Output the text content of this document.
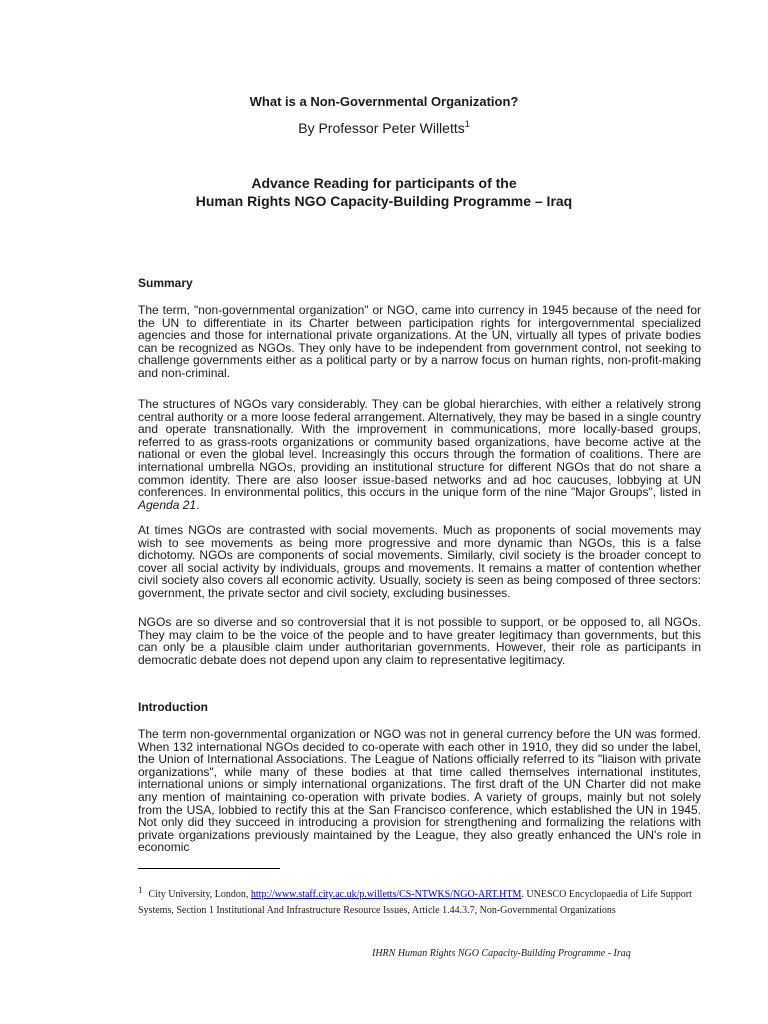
What is a Non-Governmental Organization?
By Professor Peter Willetts$^1$
Advance Reading for participants of the
Human Rights NGO Capacity-Building Programme – Iraq
Summary

The term, "non-governmental organization" or NGO, came into currency in 1945 because of the need for the UN to differentiate in its Charter between participation rights for intergovernmental specialized agencies and those for international private organizations. At the UN, virtually all types of private bodies can be recognized as NGOs. They only have to be independent from government control, not seeking to challenge governments either as a political party or by a narrow focus on human rights, non-profit-making and non-criminal.

The structures of NGOs vary considerably. They can be global hierarchies, with either a relatively strong central authority or a more loose federal arrangement. Alternatively, they may be based in a single country and operate transnationally. With the improvement in communications, more locally-based groups, referred to as grass-roots organizations or community based organizations, have become active at the national or even the global level. Increasingly this occurs through the formation of coalitions. There are international umbrella NGOs, providing an institutional structure for different NGOs that do not share a common identity. There are also looser issue-based networks and ad hoc caucuses, lobbying at UN conferences. In environmental politics, this occurs in the unique form of the nine "Major Groups", listed in Agenda 21.

At times NGOs are contrasted with social movements. Much as proponents of social movements may wish to see movements as being more progressive and more dynamic than NGOs, this is a false dichotomy. NGOs are components of social movements. Similarly, civil society is the broader concept to cover all social activity by individuals, groups and movements. It remains a matter of contention whether civil society also covers all economic activity. Usually, society is seen as being composed of three sectors: government, the private sector and civil society, excluding businesses.

NGOs are so diverse and so controversial that it is not possible to support, or be opposed to, all NGOs. They may claim to be the voice of the people and to have greater legitimacy than governments, but this can only be a plausible claim under authoritarian governments. However, their role as participants in democratic debate does not depend upon any claim to representative legitimacy.

Introduction

The term non-governmental organization or NGO was not in general currency before the UN was formed. When 132 international NGOs decided to co-operate with each other in 1910, they did so under the label, the Union of International Associations. The League of Nations officially referred to its "liaison with private organizations", while many of these bodies at that time called themselves international institutes, international unions or simply international organizations. The first draft of the UN Charter did not make any mention of maintaining co-operation with private bodies. A variety of groups, mainly but not solely from the USA, lobbied to rectify this at the San Francisco conference, which established the UN in 1945. Not only did they succeed in introducing a provision for strengthening and formalizing the relations with private organizations previously maintained by the League, they also greatly enhanced the UN's role in economic

$^1$ City University, London, http://www.staff.city.ac.uk/p.willetts/CS-NTWKS/NGO-ART.HTM. UNESCO Encyclopaedia of Life Support Systems, Section 1 Institutional And Infrastructure Resource Issues, Article 1.44.3.7, Non-Governmental Organizations
IHRN Human Rights NGO Capacity-Building Programme - Iraq
